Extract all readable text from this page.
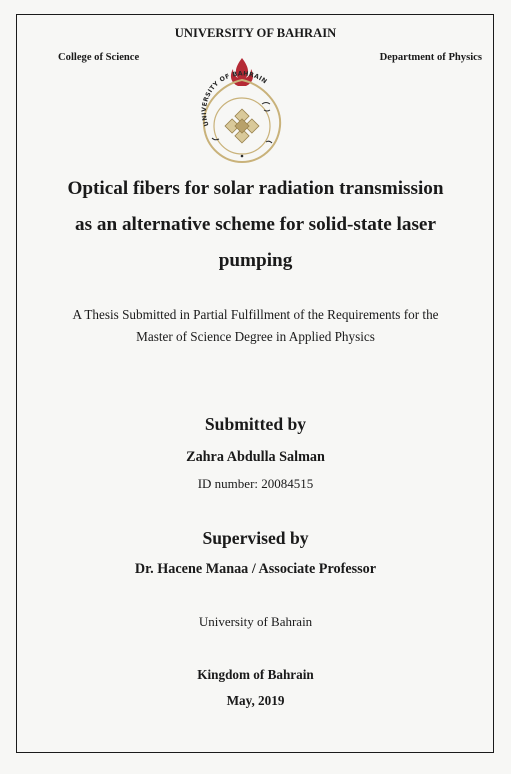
UNIVERSITY OF BAHRAIN
College of Science	Department of Physics
UNIVERSITY OF BAHRAIN
Optical fibers for solar radiation transmission
as an alternative scheme for solid-state laser
pumping
A Thesis Submitted in Partial Fulfillment of the Requirements for the
Master of Science Degree in Applied Physics
Submitted by
Zahra Abdulla Salman
ID number: 20084515
Supervised by
Dr. Hacene Manaa / Associate Professor
University of Bahrain
Kingdom of Bahrain
May, 2019
